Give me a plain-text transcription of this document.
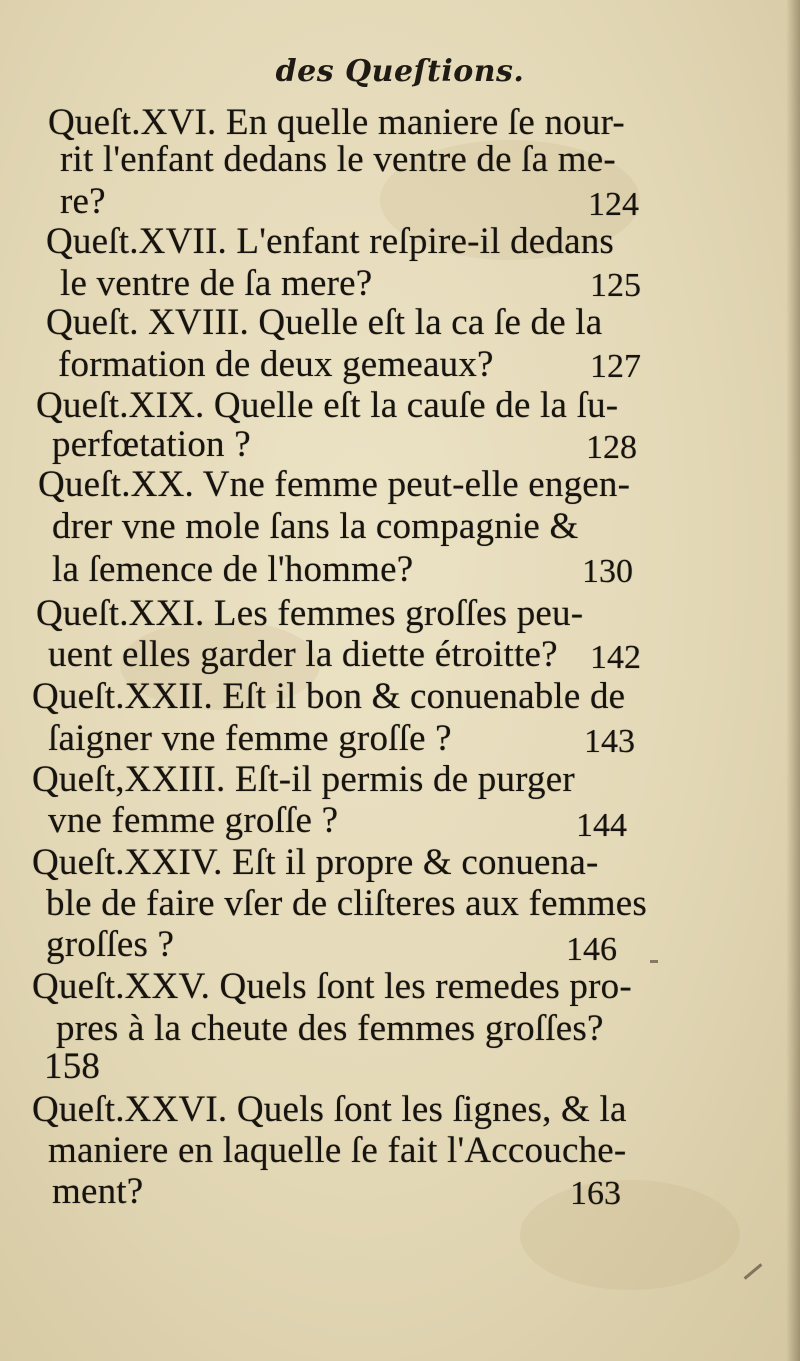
des Queſtions.
Queſt.XVI. En quelle maniere ſe nour-
rit l'enfant dedans le ventre de ſa me-
re?	124
Queſt.XVII. L'enfant reſpire-il dedans
le ventre de ſa mere?	125
Queſt. XVIII. Quelle eſt la ca ſe de la
formation de deux gemeaux?	127
Queſt.XIX. Quelle eſt la cauſe de la ſu-
perfœtation ?	128
Queſt.XX. Vne femme peut-elle engen-
drer vne mole ſans la compagnie &
la ſemence de l'homme?	130
Queſt.XXI. Les femmes groſſes peu-
uent elles garder la diette étroitte? 142
Queſt.XXII. Eſt il bon & conuenable de
ſaigner vne femme groſſe ?	143
Queſt,XXIII. Eſt-il permis de purger
vne femme groſſe ?	144
Queſt.XXIV. Eſt il propre & conuena-
ble de faire vſer de cliſteres aux femmes
groſſes ?	146
Queſt.XXV. Quels ſont les remedes pro-
pres à la cheute des femmes groſſes?
158
Queſt.XXVI. Quels ſont les ſignes, & la
maniere en laquelle ſe fait l'Accouche-
ment?	163
